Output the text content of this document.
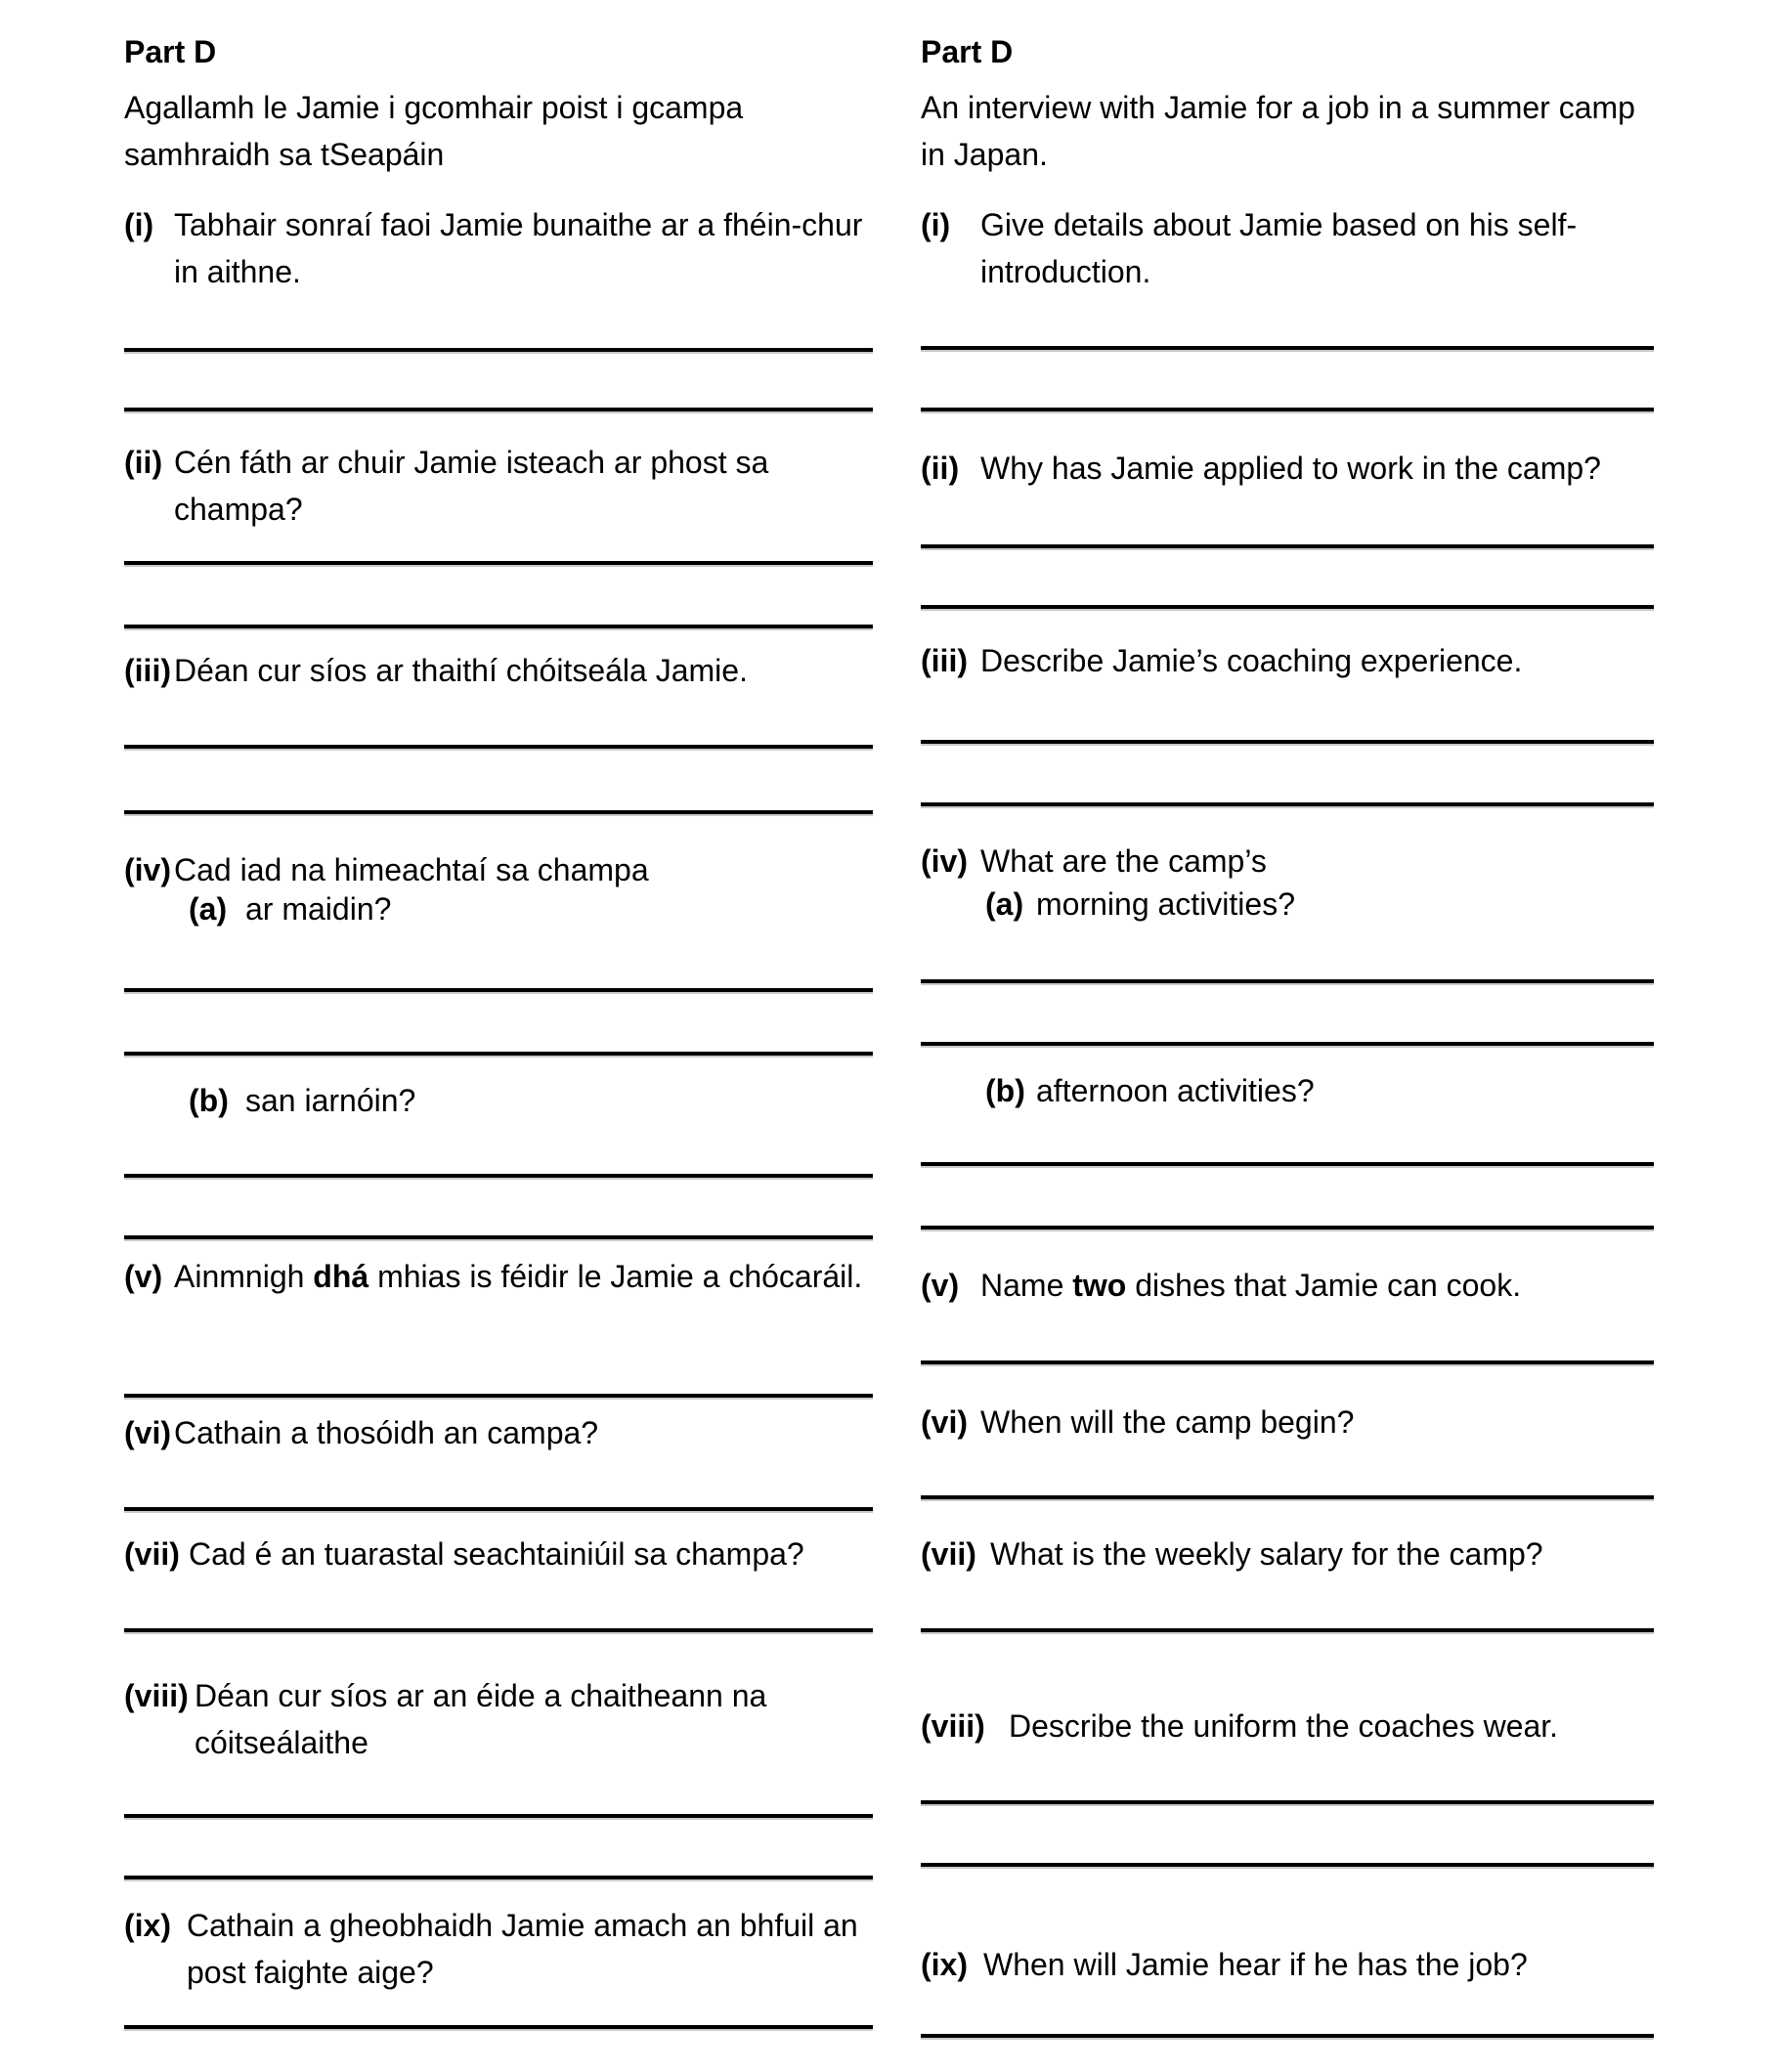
Part D
Agallamh le Jamie i gcomhair poist i gcampa samhraidh sa tSeapáin
(i) Tabhair sonraí faoi Jamie bunaithe ar a fhéin-chur in aithne.
(ii) Cén fáth ar chuir Jamie isteach ar phost sa champa?
(iii) Déan cur síos ar thaithí chóitseála Jamie.
(iv) Cad iad na himeachtaí sa champa
(a) ar maidin?
(b) san iarnóin?
(v) Ainmnigh dhá mhias is féidir le Jamie a chócaráil.
(vi) Cathain a thosóidh an campa?
(vii) Cad é an tuarastal seachtainiúil sa champa?
(viii) Déan cur síos ar an éide a chaitheann na cóitseálaithe
(ix) Cathain a gheobhaidh Jamie amach an bhfuil an post faighte aige?
Part D
An interview with Jamie for a job in a summer camp in Japan.
(i) Give details about Jamie based on his self-introduction.
(ii) Why has Jamie applied to work in the camp?
(iii) Describe Jamie’s coaching experience.
(iv) What are the camp’s
(a) morning activities?
(b) afternoon activities?
(v) Name two dishes that Jamie can cook.
(vi) When will the camp begin?
(vii) What is the weekly salary for the camp?
(viii) Describe the uniform the coaches wear.
(ix) When will Jamie hear if he has the job?
